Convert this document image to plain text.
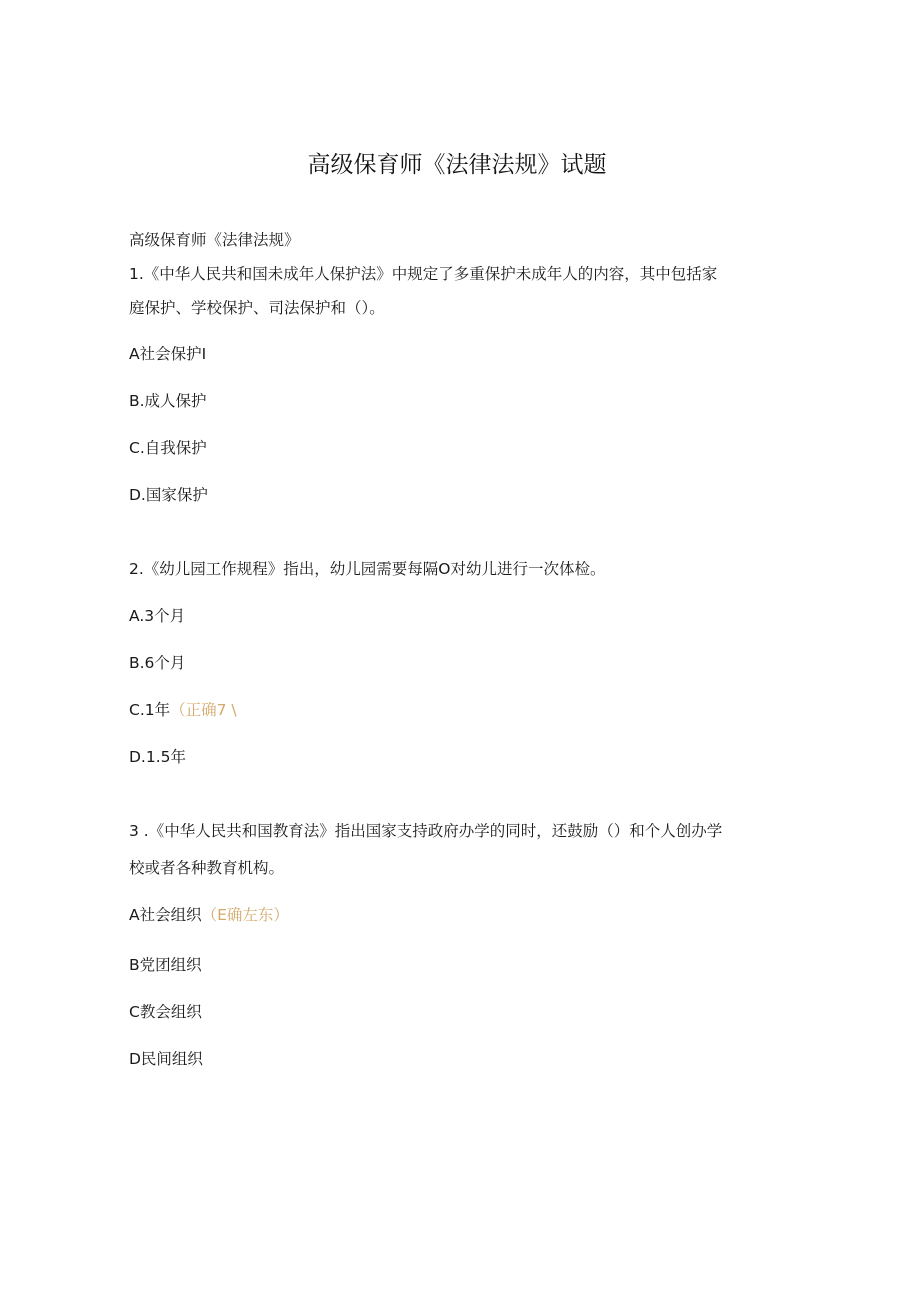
高级保育师《法律法规》试题
高级保育师《法律法规》
1.《中华人民共和国未成年人保护法》中规定了多重保护未成年人的内容，其中包括家
庭保护、学校保护、司法保护和（）。
A社会保护I
B.成人保护
C.自我保护
D.国家保护
2.《幼儿园工作规程》指出，幼儿园需要每隔O对幼儿进行一次体检。
A.3个月
B.6个月
C.1年（正确7 \
D.1.5年
3 .《中华人民共和国教育法》指出国家支持政府办学的同时，还鼓励（）和个人创办学
校或者各种教育机构。
A社会组织（E确左东）
B党团组织
C教会组织
D民间组织
